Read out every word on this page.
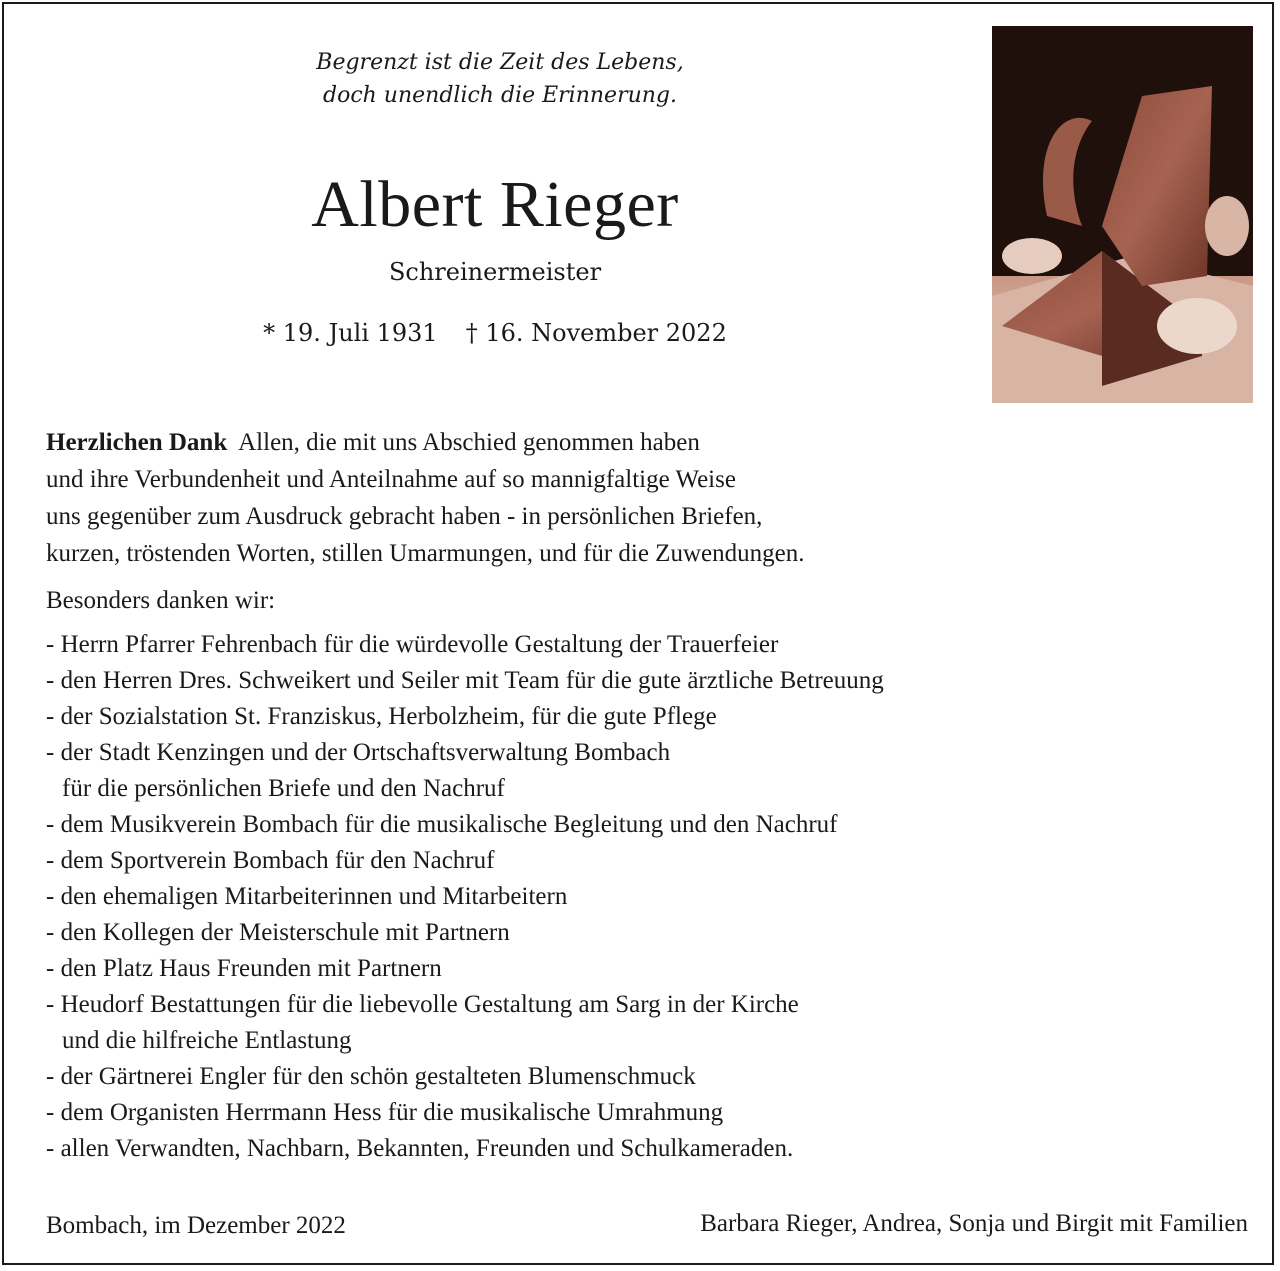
Begrenzt ist die Zeit des Lebens,
doch unendlich die Erinnerung.
Albert Rieger
Schreinermeister
* 19. Juli 1931 † 16. November 2022

Herzlichen Dank Allen, die mit uns Abschied genommen haben
und ihre Verbundenheit und Anteilnahme auf so mannigfaltige Weise
uns gegenüber zum Ausdruck gebracht haben - in persönlichen Briefen,
kurzen, tröstenden Worten, stillen Umarmungen, und für die Zuwendungen.

Besonders danken wir:

- Herrn Pfarrer Fehrenbach für die würdevolle Gestaltung der Trauerfeier
- den Herren Dres. Schweikert und Seiler mit Team für die gute ärztliche Betreuung
- der Sozialstation St. Franziskus, Herbolzheim, für die gute Pflege
- der Stadt Kenzingen und der Ortschaftsverwaltung Bombach
für die persönlichen Briefe und den Nachruf
- dem Musikverein Bombach für die musikalische Begleitung und den Nachruf
- dem Sportverein Bombach für den Nachruf
- den ehemaligen Mitarbeiterinnen und Mitarbeitern
- den Kollegen der Meisterschule mit Partnern
- den Platz Haus Freunden mit Partnern
- Heudorf Bestattungen für die liebevolle Gestaltung am Sarg in der Kirche
und die hilfreiche Entlastung
- der Gärtnerei Engler für den schön gestalteten Blumenschmuck
- dem Organisten Herrmann Hess für die musikalische Umrahmung
- allen Verwandten, Nachbarn, Bekannten, Freunden und Schulkameraden.
Bombach, im Dezember 2022	Barbara Rieger, Andrea, Sonja und Birgit mit Familien
